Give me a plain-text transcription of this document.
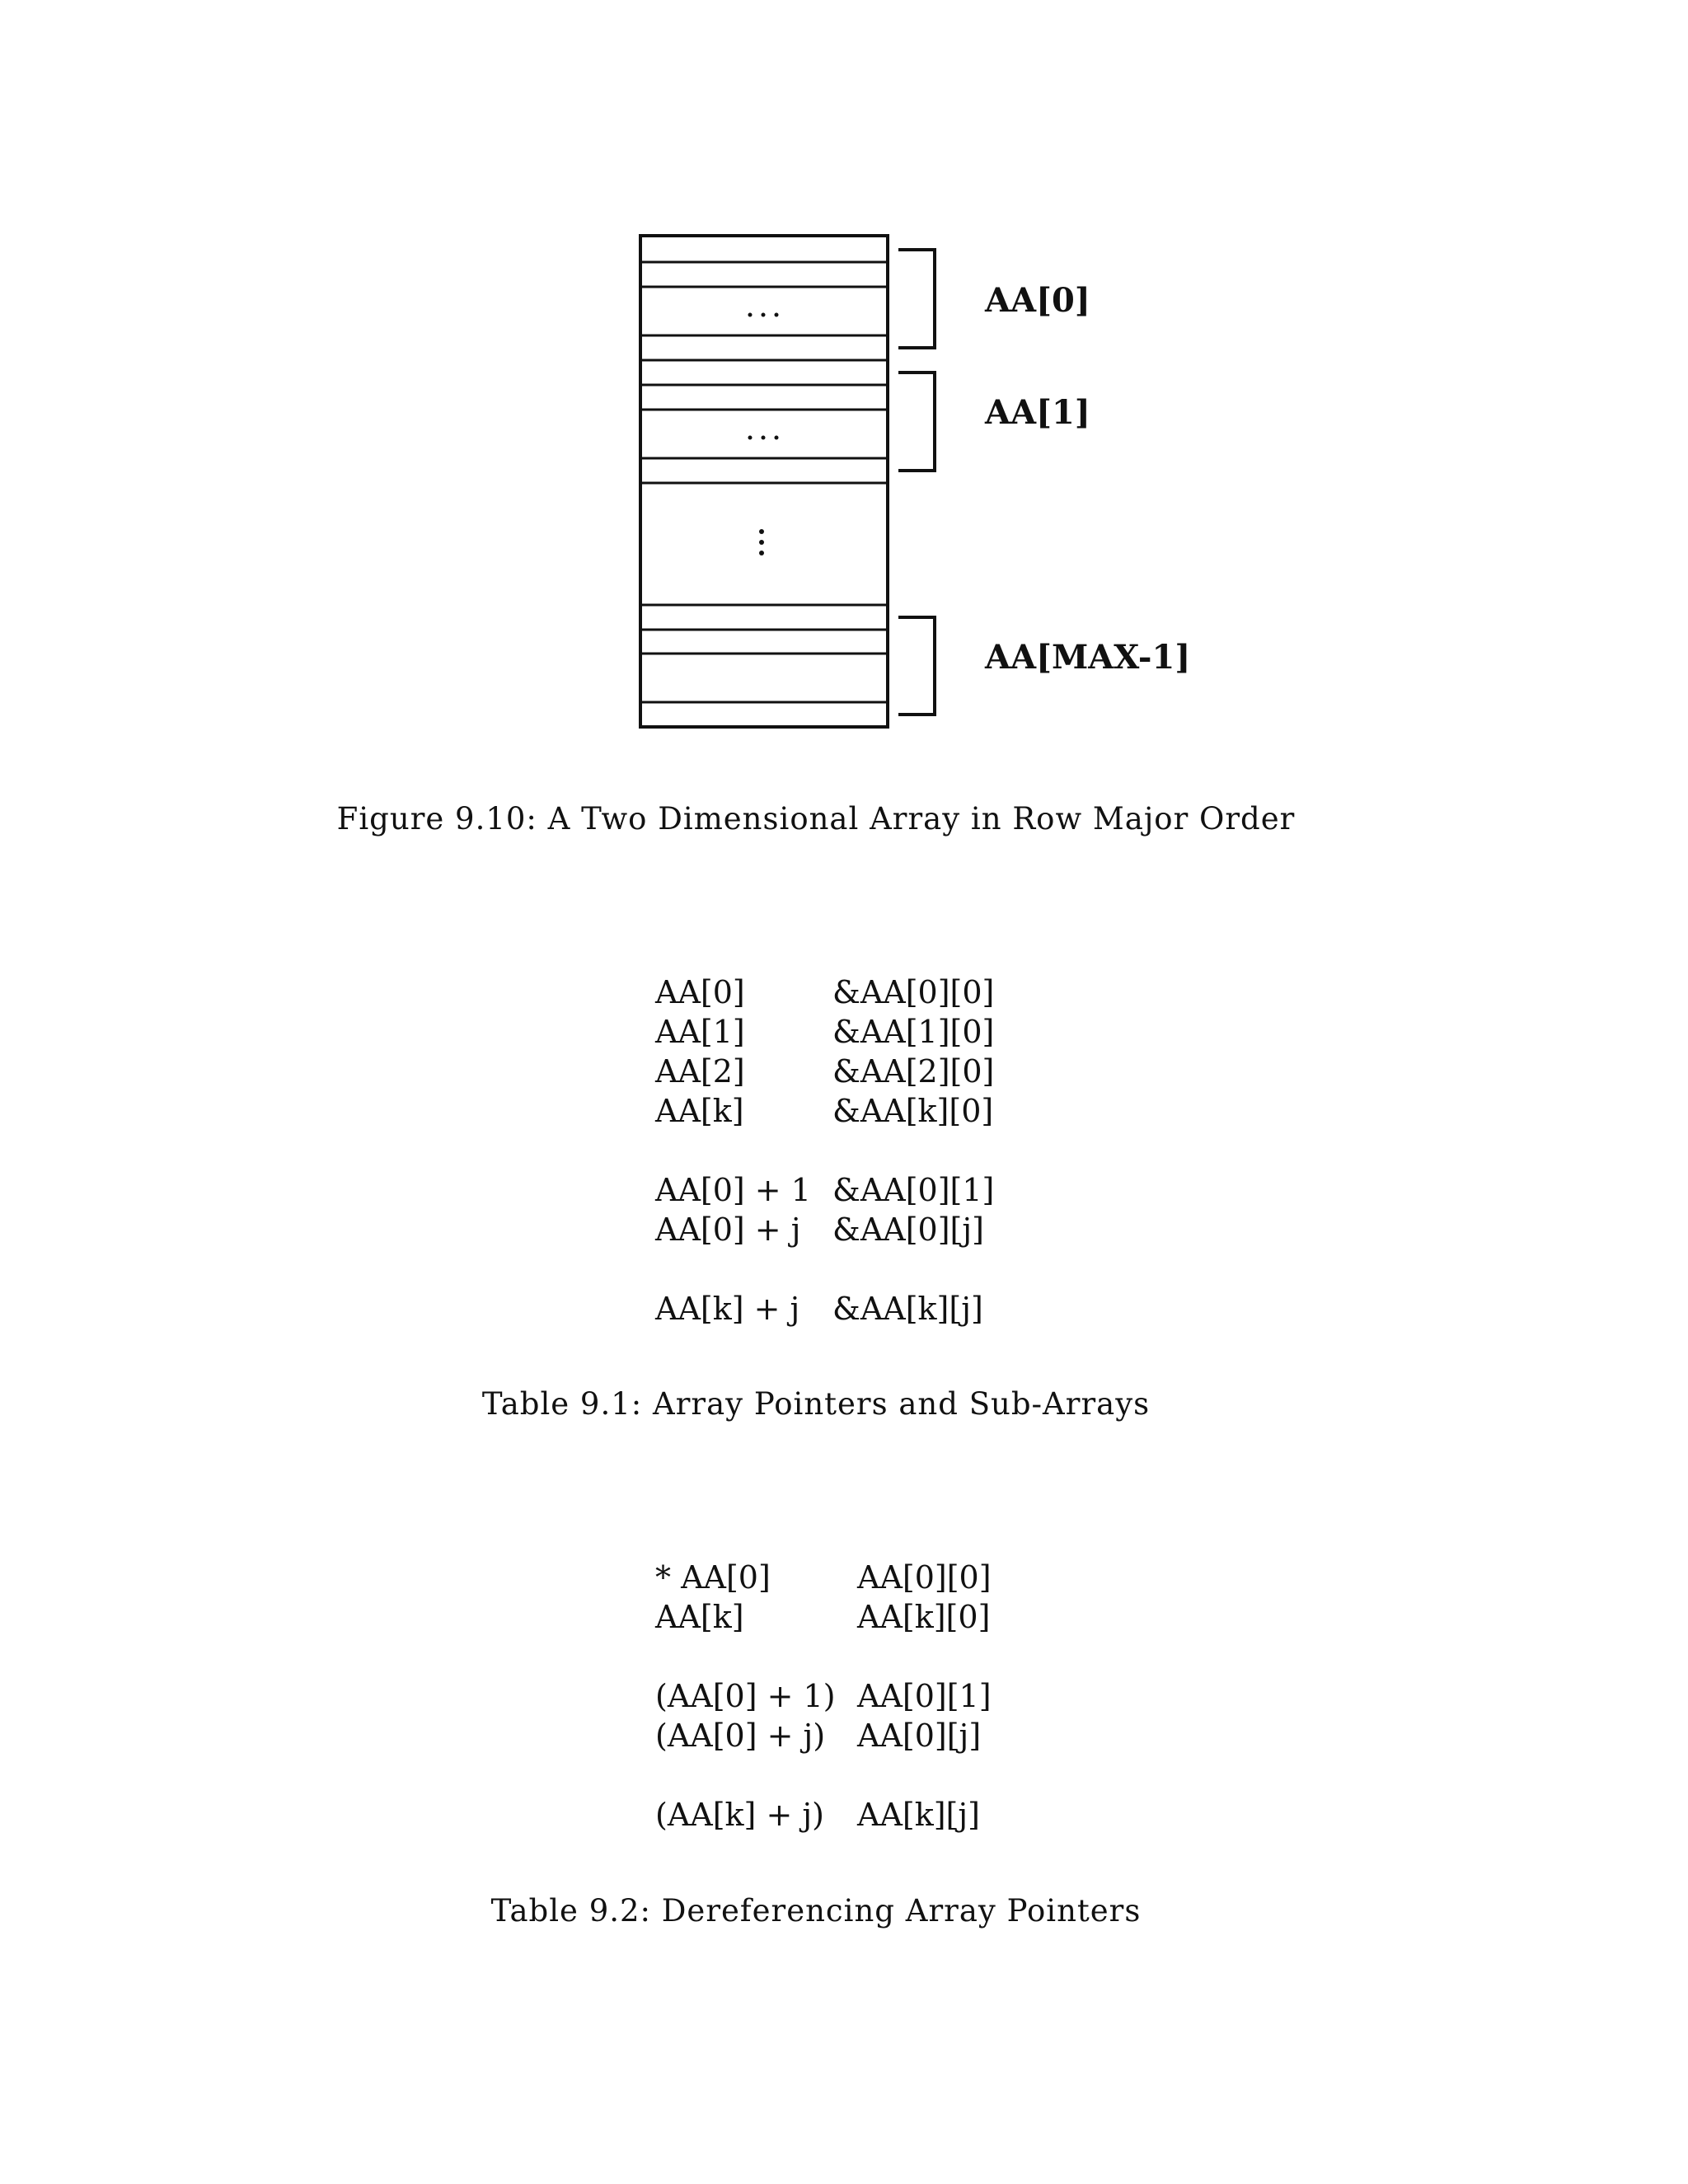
AA[0]
AA[1]
AA[MAX-1]
Figure 9.10: A Two Dimensional Array in Row Major Order
AA[0]	&AA[0][0]
AA[1]	&AA[1][0]
AA[2]	&AA[2][0]
AA[k]	&AA[k][0]
AA[0] + 1 &AA[0][1]
AA[0] + j	&AA[0][j]
AA[k] + j	&AA[k][j]
Table 9.1: Array Pointers and Sub-Arrays
* AA[0]	AA[0][0]
AA[k]	AA[k][0]
(AA[0] + 1) AA[0][1]
(AA[0] + j)	AA[0][j]
(AA[k] + j)	AA[k][j]
Table 9.2: Dereferencing Array Pointers
